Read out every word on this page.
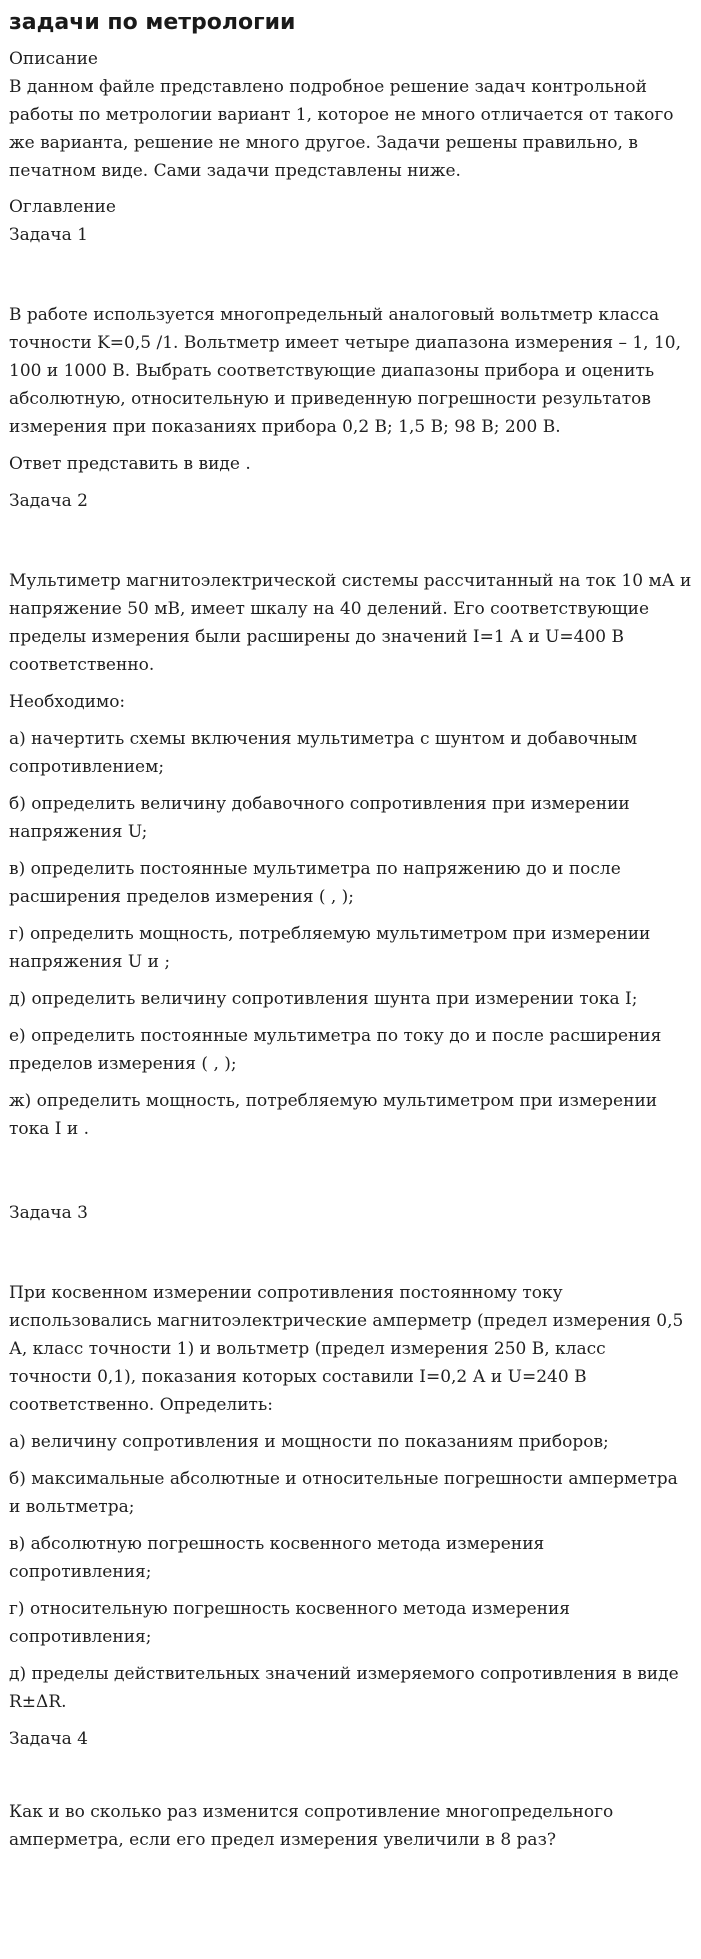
задачи по метрологии

Описание

В данном файле представлено подробное решение задач контрольной работы по метрологии вариант 1, которое не много отличается от такого же варианта, решение не много другое. Задачи решены правильно, в печатном виде. Сами задачи представлены ниже.

Оглавление

Задача 1

В работе используется многопредельный аналоговый вольтметр класса точности K=0,5 /1. Вольтметр имеет четыре диапазона измерения – 1, 10, 100 и 1000 В. Выбрать соответствующие диапазоны прибора и оценить абсолютную, относительную и приведенную погрешности результатов измерения при показаниях прибора 0,2 В; 1,5 В; 98 В; 200 В.

Ответ представить в виде .

Задача 2

Мультиметр магнитоэлектрической системы рассчитанный на ток 10 мА и напряжение 50 мВ, имеет шкалу на 40 делений. Его соответствующие пределы измерения были расширены до значений I=1 А и U=400 В соответственно.

Необходимо:

а) начертить схемы включения мультиметра с шунтом и добавочным сопротивлением;

б) определить величину добавочного сопротивления при измерении напряжения U;

в) определить постоянные мультиметра по напряжению до и после расширения пределов измерения ( , );

г) определить мощность, потребляемую мультиметром при измерении напряжения U и ;

д) определить величину сопротивления шунта при измерении тока I;

е) определить постоянные мультиметра по току до и после расширения пределов измерения ( , );

ж) определить мощность, потребляемую мультиметром при измерении тока I и .

Задача 3

При косвенном измерении сопротивления постоянному току использовались магнитоэлектрические амперметр (предел измерения 0,5 А, класс точности 1) и вольтметр (предел измерения 250 В, класс точности 0,1), показания которых составили I=0,2 А и U=240 В соответственно. Определить:

а) величину сопротивления и мощности по показаниям приборов;

б) максимальные абсолютные и относительные погрешности амперметра и вольтметра;

в) абсолютную погрешность косвенного метода измерения сопротивления;

г) относительную погрешность косвенного метода измерения сопротивления;

д) пределы действительных значений измеряемого сопротивления в виде R±ΔR.

Задача 4

Как и во сколько раз изменится сопротивление многопредельного амперметра, если его предел измерения увеличили в 8 раз?
